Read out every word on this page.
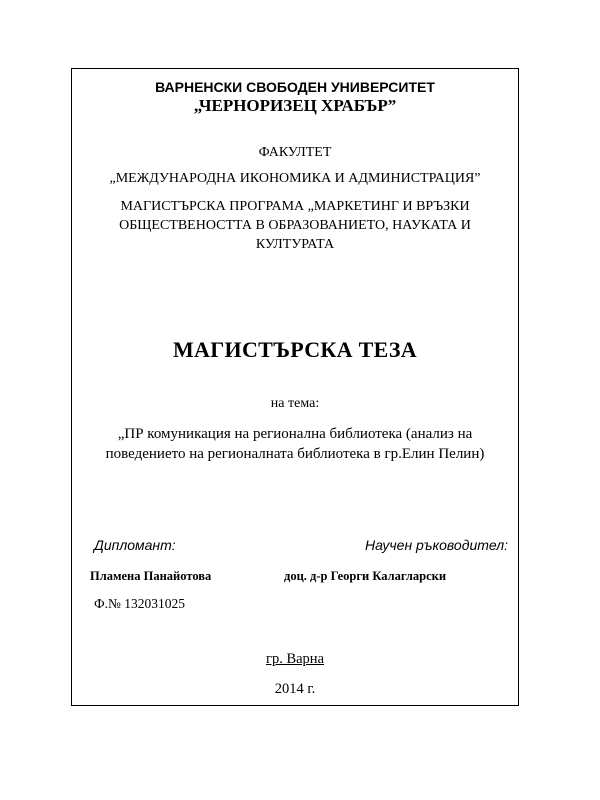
ВАРНЕНСКИ СВОБОДЕН УНИВЕРСИТЕТ
„ЧЕРНОРИЗЕЦ ХРАБЪР”
ФАКУЛТЕТ
„МЕЖДУНАРОДНА ИКОНОМИКА И АДМИНИСТРАЦИЯ”
МАГИСТЪРСКА ПРОГРАМА „МАРКЕТИНГ И ВРЪЗКИ
ОБЩЕСТВЕНОСТТА В ОБРАЗОВАНИЕТО, НАУКАТА И
КУЛТУРАТА
МАГИСТЪРСКА ТЕЗА
на тема:
„ПР комуникация на регионална библиотека (анализ на
поведението на регионалната библиотека в гр.Елин Пелин)
Дипломант:	Научен ръководител:
Пламена Панайотова	доц. д-р Георги Калагларски
Ф.№ 132031025
гр. Варна
2014 г.
